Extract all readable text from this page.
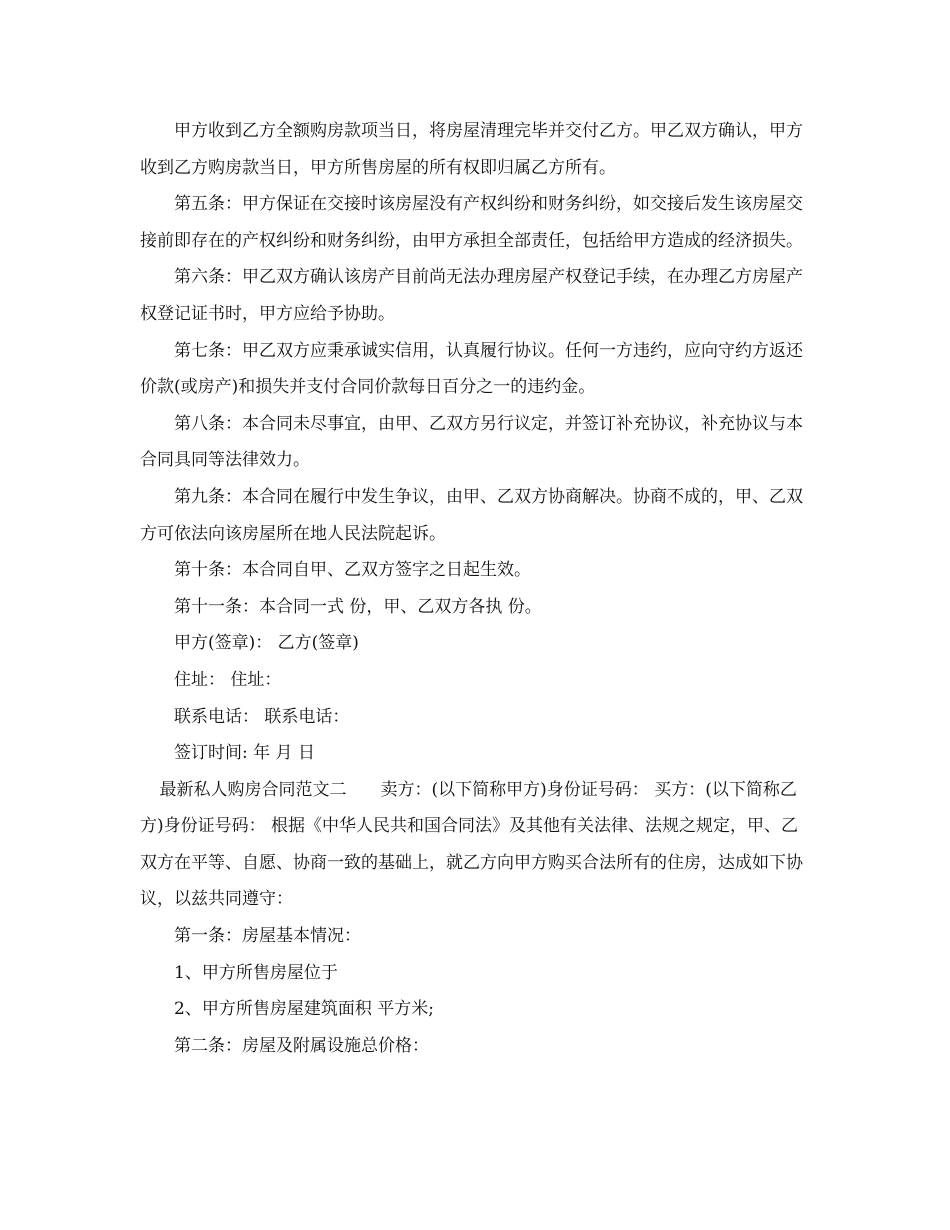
甲方收到乙方全额购房款项当日，将房屋清理完毕并交付乙方。甲乙双方确认，甲方收到乙方购房款当日，甲方所售房屋的所有权即归属乙方所有。

第五条：甲方保证在交接时该房屋没有产权纠纷和财务纠纷，如交接后发生该房屋交接前即存在的产权纠纷和财务纠纷，由甲方承担全部责任，包括给甲方造成的经济损失。

第六条：甲乙双方确认该房产目前尚无法办理房屋产权登记手续，在办理乙方房屋产权登记证书时，甲方应给予协助。

第七条：甲乙双方应秉承诚实信用，认真履行协议。任何一方违约，应向守约方返还价款(或房产)和损失并支付合同价款每日百分之一的违约金。

第八条：本合同未尽事宜，由甲、乙双方另行议定，并签订补充协议，补充协议与本合同具同等法律效力。

第九条：本合同在履行中发生争议，由甲、乙双方协商解决。协商不成的，甲、乙双方可依法向该房屋所在地人民法院起诉。

第十条：本合同自甲、乙双方签字之日起生效。

第十一条：本合同一式 份，甲、乙双方各执 份。

甲方(签章)： 乙方(签章)

住址： 住址：

联系电话： 联系电话：

签订时间: 年 月 日

最新私人购房合同范文二　　卖方：(以下简称甲方)身份证号码： 买方：(以下简称乙方)身份证号码： 根据《中华人民共和国合同法》及其他有关法律、法规之规定，甲、乙双方在平等、自愿、协商一致的基础上，就乙方向甲方购买合法所有的住房，达成如下协议，以兹共同遵守：

第一条：房屋基本情况：

1、甲方所售房屋位于

2、甲方所售房屋建筑面积 平方米;

第二条：房屋及附属设施总价格：
